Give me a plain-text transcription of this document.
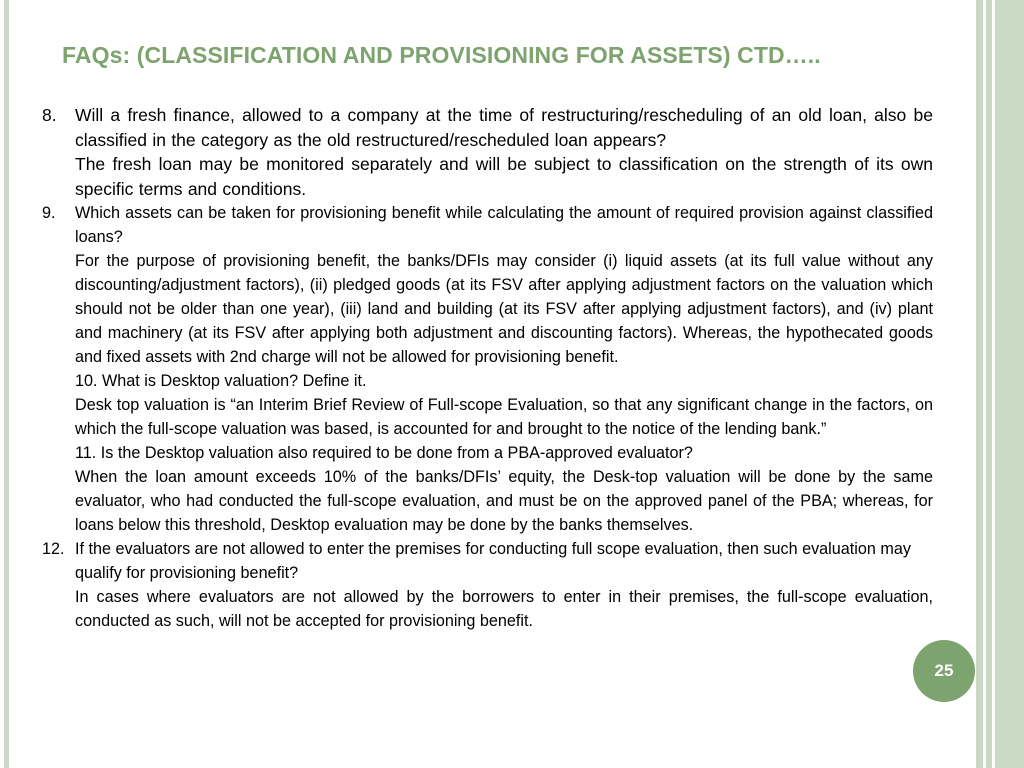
FAQs: (CLASSIFICATION AND PROVISIONING FOR ASSETS) CTD…..
8. Will a fresh finance, allowed to a company at the time of restructuring/rescheduling of an old loan, also be classified in the category as the old restructured/rescheduled loan appears?

The fresh loan may be monitored separately and will be subject to classification on the strength of its own specific terms and conditions.

9. Which assets can be taken for provisioning benefit while calculating the amount of required provision against classified loans?

For the purpose of provisioning benefit, the banks/DFIs may consider (i) liquid assets (at its full value without any discounting/adjustment factors), (ii) pledged goods (at its FSV after applying adjustment factors on the valuation which should not be older than one year), (iii) land and building (at its FSV after applying adjustment factors), and (iv) plant and machinery (at its FSV after applying both adjustment and discounting factors). Whereas, the hypothecated goods and fixed assets with 2nd charge will not be allowed for provisioning benefit.

10. What is Desktop valuation? Define it.

Desk top valuation is “an Interim Brief Review of Full-scope Evaluation, so that any significant change in the factors, on which the full-scope valuation was based, is accounted for and brought to the notice of the lending bank.”

11. Is the Desktop valuation also required to be done from a PBA-approved evaluator?

When the loan amount exceeds 10% of the banks/DFIs’ equity, the Desk-top valuation will be done by the same evaluator, who had conducted the full-scope evaluation, and must be on the approved panel of the PBA; whereas, for loans below this threshold, Desktop evaluation may be done by the banks themselves.

12. If the evaluators are not allowed to enter the premises for conducting full scope evaluation, then such evaluation may qualify for provisioning benefit?

In cases where evaluators are not allowed by the borrowers to enter in their premises, the full-scope evaluation, conducted as such, will not be accepted for provisioning benefit.

25
